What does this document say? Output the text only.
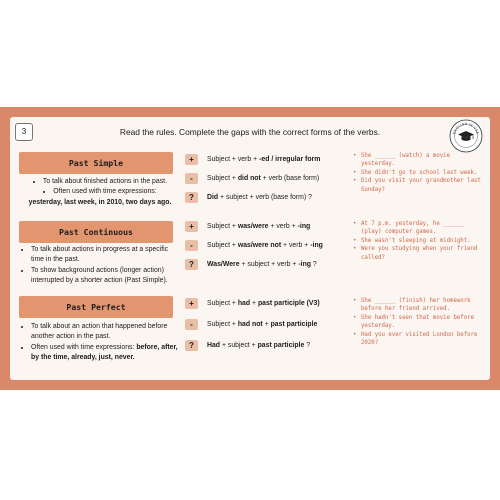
3	Read the rules. Complete the gaps with the correct forms of the verbs.	ENGLISH IN USE
Past Simple
• To talk about finished actions in the past.
• Often used with time expressions:
yesterday, last week, in 2010, two days ago.
+	Subject + verb + -ed / irregular form
-	Subject + did not + verb (base form)
?	Did + subject + verb (base form) ?
• She ______ (watch) a movie yesterday.
• She didn't go to school last week.
• Did you visit your grandmother last Sunday?
Past Continuous
• To talk about actions in progress at a specific time in the past.
• To show background actions (longer action) interrupted by a shorter action (Past Simple).
+	Subject + was/were + verb + -ing
-	Subject + was/were not + verb + -ing
?	Was/Were + subject + verb + -ing ?
• At 7 p.m. yesterday, he ______ (play) computer games.
• She wasn't sleeping at midnight.
• Were you studying when your friend called?
Past Perfect
• To talk about an action that happened before another action in the past.
• Often used with time expressions: before, after, by the time, already, just, never.
+	Subject + had + past participle (V3)
-	Subject + had not + past participle
?	Had + subject + past participle ?
• She ______ (finish) her homework before her friend arrived.
• She hadn't seen that movie before yesterday.
• Had you ever visited London before 2020?
